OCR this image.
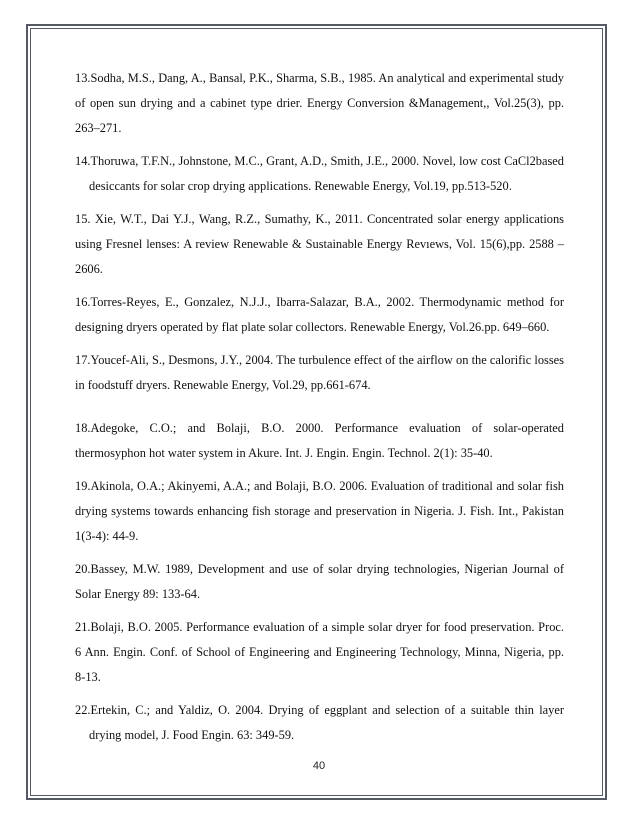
13.Sodha, M.S., Dang, A., Bansal, P.K., Sharma, S.B., 1985. An analytical and experimental study of open sun drying and a cabinet type drier. Energy Conversion &Management,, Vol.25(3), pp. 263–271.

14.Thoruwa, T.F.N., Johnstone, M.C., Grant, A.D., Smith, J.E., 2000. Novel, low cost CaCl2based desiccants for solar crop drying applications. Renewable Energy, Vol.19, pp.513-520.

15. Xie, W.T., Dai Y.J., Wang, R.Z., Sumathy, K., 2011. Concentrated solar energy applications using Fresnel lenses: A review Renewable & Sustainable Energy Revıews, Vol. 15(6),pp. 2588 – 2606.

16.Torres-Reyes, E., Gonzalez, N.J.J., Ibarra-Salazar, B.A., 2002. Thermodynamic method for designing dryers operated by flat plate solar collectors. Renewable Energy, Vol.26.pp. 649–660.

17.Youcef-Ali, S., Desmons, J.Y., 2004. The turbulence effect of the airflow on the calorific losses in foodstuff dryers. Renewable Energy, Vol.29, pp.661-674.

18.Adegoke, C.O.; and Bolaji, B.O. 2000. Performance evaluation of solar-operated thermosyphon hot water system in Akure. Int. J. Engin. Engin. Technol. 2(1): 35-40.

19.Akinola, O.A.; Akinyemi, A.A.; and Bolaji, B.O. 2006. Evaluation of traditional and solar fish drying systems towards enhancing fish storage and preservation in Nigeria. J. Fish. Int., Pakistan 1(3-4): 44-9.

20.Bassey, M.W. 1989, Development and use of solar drying technologies, Nigerian Journal of Solar Energy 89: 133-64.

21.Bolaji, B.O. 2005. Performance evaluation of a simple solar dryer for food preservation. Proc. 6 Ann. Engin. Conf. of School of Engineering and Engineering Technology, Minna, Nigeria, pp. 8-13.

22.Ertekin, C.; and Yaldiz, O. 2004. Drying of eggplant and selection of a suitable thin layer drying model, J. Food Engin. 63: 349-59.

40
